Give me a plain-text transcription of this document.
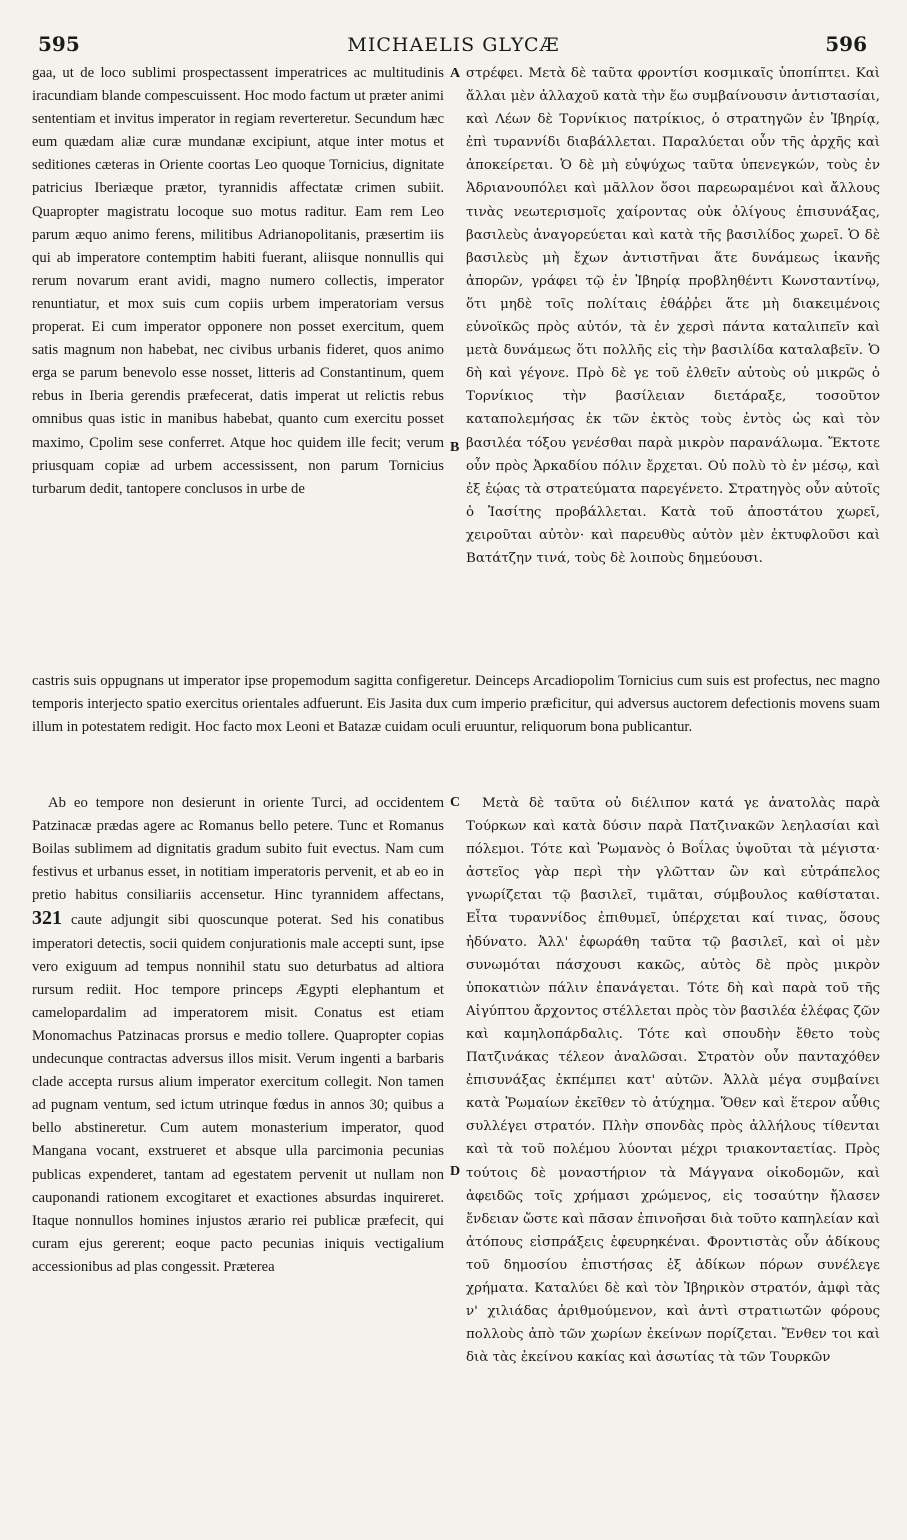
595	MICHAELIS GLYCÆ	596

gaa, ut de loco sublimi prospectassent imperatrices ac multitudinis iracundiam blande compescuissent. Hoc modo factum ut præter animi sententiam et invitus imperator in regiam reverteretur. Secundum hæc eum quædam aliæ curæ mundanæ excipiunt, atque inter motus et seditiones cæteras in Oriente coortas Leo quoque Tornicius, dignitate patricius Iberiæque prætor, tyrannidis affectatæ crimen subiit. Quapropter magistratu locoque suo motus raditur. Eam rem Leo parum æquo animo ferens, militibus Adrianopolitanis, præsertim iis qui ab imperatore contemptim habiti fuerant, aliisque nonnullis qui rerum novarum erant avidi, magno numero collectis, imperator renuntiatur, et mox suis cum copiis urbem imperatoriam versus properat. Ei cum imperator opponere non posset exercitum, quem satis magnum non habebat, nec civibus urbanis fideret, quos animo erga se parum benevolo esse nosset, litteris ad Constantinum, quem rebus in Iberia gerendis præfecerat, datis imperat ut relictis rebus omnibus quas istic in manibus habebat, quanto cum exercitu posset maximo, Cpolim sese conferret. Atque hoc quidem ille fecit; verum priusquam copiæ ad urbem accessissent, non parum Tornicius turbarum dedit, tantopere conclusos in urbe de

A
B

στρέφει. Μετὰ δὲ ταῦτα φροντίσι κοσμικαῖς ὑποπίπτει. Καὶ ἄλλαι μὲν ἀλλαχοῦ κατὰ τὴν ἕω συμβαίνουσιν ἀντιστασίαι, καὶ Λέων δὲ Τορνίκιος πατρίκιος, ὁ στρατηγῶν ἐν Ἰβηρίᾳ, ἐπὶ τυραννίδι διαβάλλεται. Παραλύεται οὖν τῆς ἀρχῆς καὶ ἀποκείρεται. Ὁ δὲ μὴ εὐψύχως ταῦτα ὑπενεγκών, τοὺς ἐν Ἀδριανουπόλει καὶ μᾶλλον ὅσοι παρεωραμένοι καὶ ἄλλους τινὰς νεωτερισμοῖς χαίροντας οὐκ ὀλίγους ἐπισυνάξας, βασιλεὺς ἀναγορεύεται καὶ κατὰ τῆς βασιλίδος χωρεῖ. Ὁ δὲ βασιλεὺς μὴ ἔχων ἀντιστῆναι ἅτε δυνάμεως ἱκανῆς ἀπορῶν, γράφει τῷ ἐν Ἰβηρίᾳ προβληθέντι Κωνσταντίνῳ, ὅτι μηδὲ τοῖς πολίταις ἐθάῤῥει ἅτε μὴ διακειμένοις εὐνοϊκῶς πρὸς αὐτόν, τὰ ἐν χερσὶ πάντα καταλιπεῖν καὶ μετὰ δυνάμεως ὅτι πολλῆς εἰς τὴν βασιλίδα καταλαβεῖν. Ὁ δὴ καὶ γέγονε. Πρὸ δὲ γε τοῦ ἐλθεῖν αὐτοὺς οὐ μικρῶς ὁ Τορνίκιος τὴν βασίλειαν διετάραξε, τοσοῦτον καταπολεμήσας ἐκ τῶν ἐκτὸς τοὺς ἐντὸς ὡς καὶ τὸν βασιλέα τόξου γενέσθαι παρὰ μικρὸν παρανάλωμα. Ἔκτοτε οὖν πρὸς Ἀρκαδίου πόλιν ἔρχεται. Οὐ πολὺ τὸ ἐν μέσῳ, καὶ ἐξ ἑῴας τὰ στρατεύματα παρεγένετο. Στρατηγὸς οὖν αὐτοῖς ὁ Ἰασίτης προβάλλεται. Κατὰ τοῦ ἀποστάτου χωρεῖ, χειροῦται αὐτὸν· καὶ παρευθὺς αὐτὸν μὲν ἐκτυφλοῦσι καὶ Βατάτζην τινά, τοὺς δὲ λοιποὺς δημεύουσι.

castris suis oppugnans ut imperator ipse propemodum sagitta configeretur. Deinceps Arcadiopolim Tornicius cum suis est profectus, nec magno temporis interjecto spatio exercitus orientales adfuerunt. Eis Jasita dux cum imperio præficitur, qui adversus auctorem defectionis movens suam illum in potestatem redigit. Hoc facto mox Leoni et Batazæ cuidam oculi eruuntur, reliquorum bona publicantur.

Ab eo tempore non desierunt in oriente Turci, ad occidentem Patzinacæ prædas agere ac Romanus bello petere. Tunc et Romanus Boilas sublimem ad dignitatis gradum subito fuit evectus. Nam cum festivus et urbanus esset, in notitiam imperatoris pervenit, et ab eo in pretio habitus consiliariis accensetur. Hinc tyrannidem affectans, 321 caute adjungit sibi quoscunque poterat. Sed his conatibus imperatori detectis, socii quidem conjurationis male accepti sunt, ipse vero exiguum ad tempus nonnihil statu suo deturbatus ad altiora rursum rediit. Hoc tempore princeps Ægypti elephantum et camelopardalim ad imperatorem misit. Conatus est etiam Monomachus Patzinacas prorsus e medio tollere. Quapropter copias undecunque contractas adversus illos misit. Verum ingenti a barbaris clade accepta rursus alium imperator exercitum collegit. Non tamen ad pugnam ventum, sed ictum utrinque fœdus in annos 30; quibus a bello abstineretur. Cum autem monasterium imperator, quod Mangana vocant, exstrueret et absque ulla parcimonia pecunias publicas expenderet, tantam ad egestatem pervenit ut nullam non cauponandi rationem excogitaret et exactiones absurdas inquireret. Itaque nonnullos homines injustos ærario rei publicæ præfecit, qui curam ejus gererent; eoque pacto pecunias iniquis vectigalium accessionibus ad plas congessit. Præterea

C
D

Μετὰ δὲ ταῦτα οὐ διέλιπον κατά γε ἀνατολὰς παρὰ Τούρκων καὶ κατὰ δύσιν παρὰ Πατζινακῶν λεηλασίαι καὶ πόλεμοι. Τότε καὶ Ῥωμανὸς ὁ Βοΐλας ὑψοῦται τὰ μέγιστα· ἀστεῖος γὰρ περὶ τὴν γλῶτταν ὢν καὶ εὐτράπελος γνωρίζεται τῷ βασιλεῖ, τιμᾶται, σύμβουλος καθίσταται. Εἶτα τυραννίδος ἐπιθυμεῖ, ὑπέρχεται καί τινας, ὅσους ἠδύνατο. Ἀλλ' ἐφωράθη ταῦτα τῷ βασιλεῖ, καὶ οἱ μὲν συνωμόται πάσχουσι κακῶς, αὐτὸς δὲ πρὸς μικρὸν ὑποκατιὼν πάλιν ἐπανάγεται. Τότε δὴ καὶ παρὰ τοῦ τῆς Αἰγύπτου ἄρχοντος στέλλεται πρὸς τὸν βασιλέα ἐλέφας ζῶν καὶ καμηλοπάρδαλις. Τότε καὶ σπουδὴν ἔθετο τοὺς Πατζινάκας τέλεον ἀναλῶσαι. Στρατὸν οὖν πανταχόθεν ἐπισυνάξας ἐκπέμπει κατ' αὐτῶν. Ἀλλὰ μέγα συμβαίνει κατὰ Ῥωμαίων ἐκεῖθεν τὸ ἀτύχημα. Ὅθεν καὶ ἕτερον αὖθις συλλέγει στρατόν. Πλὴν σπονδὰς πρὸς ἀλλήλους τίθενται καὶ τὰ τοῦ πολέμου λύονται μέχρι τριακονταετίας. Πρὸς τούτοις δὲ μοναστήριον τὰ Μάγγανα οἰκοδομῶν, καὶ ἀφειδῶς τοῖς χρήμασι χρώμενος, εἰς τοσαύτην ἤλασεν ἔνδειαν ὥστε καὶ πᾶσαν ἐπινοῆσαι διὰ τοῦτο καπηλείαν καὶ ἀτόπους εἰσπράξεις ἐφευρηκέναι. Φροντιστὰς οὖν ἀδίκους τοῦ δημοσίου ἐπιστήσας ἐξ ἀδίκων πόρων συνέλεγε χρήματα. Καταλύει δὲ καὶ τὸν Ἰβηρικὸν στρατόν, ἀμφὶ τὰς ν' χιλιάδας ἀριθμούμενον, καὶ ἀντὶ στρατιωτῶν φόρους πολλοὺς ἀπὸ τῶν χωρίων ἐκείνων πορίζεται. Ἔνθεν τοι καὶ διὰ τὰς ἐκείνου κακίας καὶ ἀσωτίας τὰ τῶν Τουρκῶν
